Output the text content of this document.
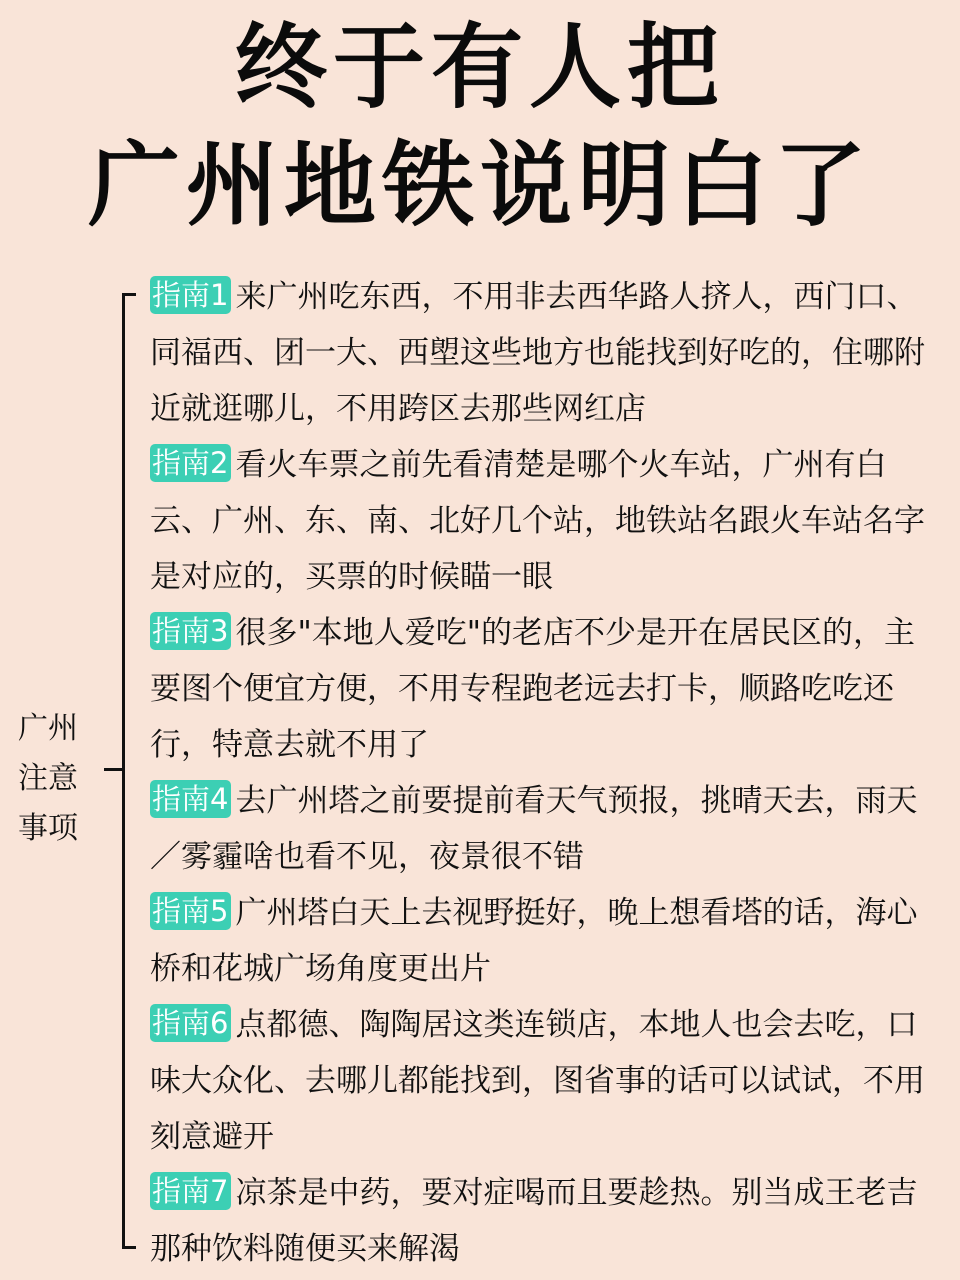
终于有人把
广州地铁说明白了
广州
注意
事项

指南1 来广州吃东西，不用非去西华路人挤人，西门口、同福西、团一大、西塱这些地方也能找到好吃的，住哪附近就逛哪儿，不用跨区去那些网红店

指南2 看火车票之前先看清楚是哪个火车站，广州有白云、广州、东、南、北好几个站，地铁站名跟火车站名字是对应的，买票的时候瞄一眼

指南3 很多"本地人爱吃"的老店不少是开在居民区的，主要图个便宜方便，不用专程跑老远去打卡，顺路吃吃还行，特意去就不用了

指南4 去广州塔之前要提前看天气预报，挑晴天去，雨天／雾霾啥也看不见，夜景很不错

指南5 广州塔白天上去视野挺好，晚上想看塔的话，海心桥和花城广场角度更出片

指南6 点都德、陶陶居这类连锁店，本地人也会去吃，口味大众化、去哪儿都能找到，图省事的话可以试试，不用刻意避开

指南7 凉茶是中药，要对症喝而且要趁热。别当成王老吉那种饮料随便买来解渴
